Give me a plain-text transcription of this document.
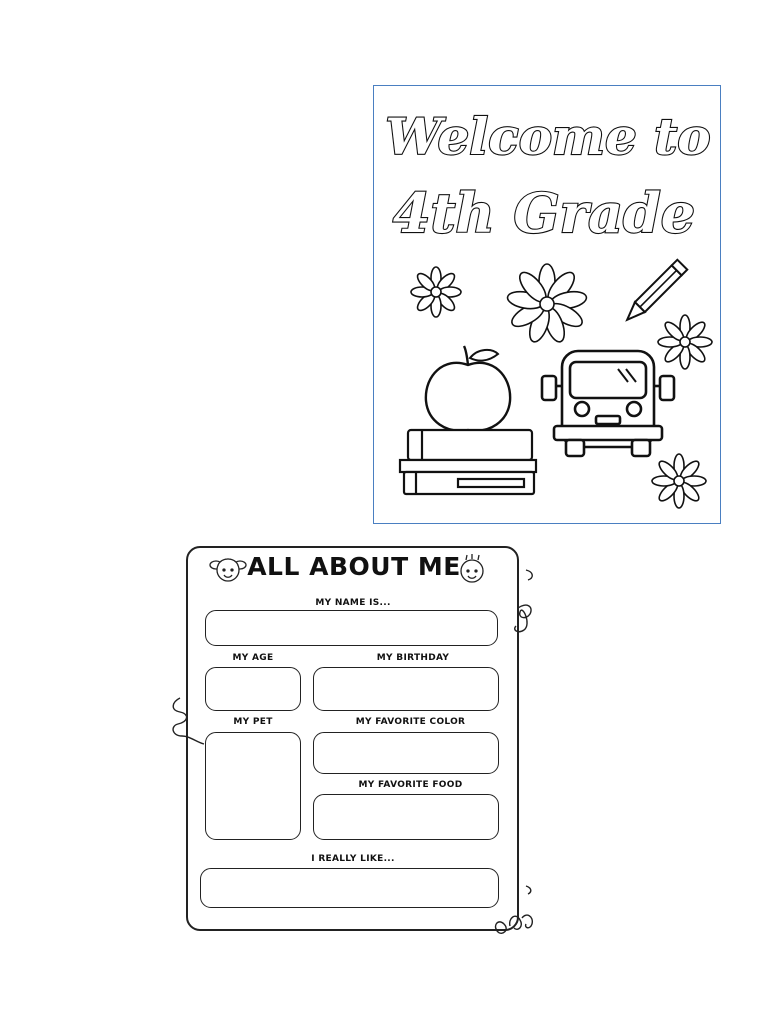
Welcome to
4th Grade
ALL ABOUT ME
MY NAME IS...
MY AGE	MY BIRTHDAY
MY PET	MY FAVORITE COLOR
MY FAVORITE FOOD
I REALLY LIKE...
